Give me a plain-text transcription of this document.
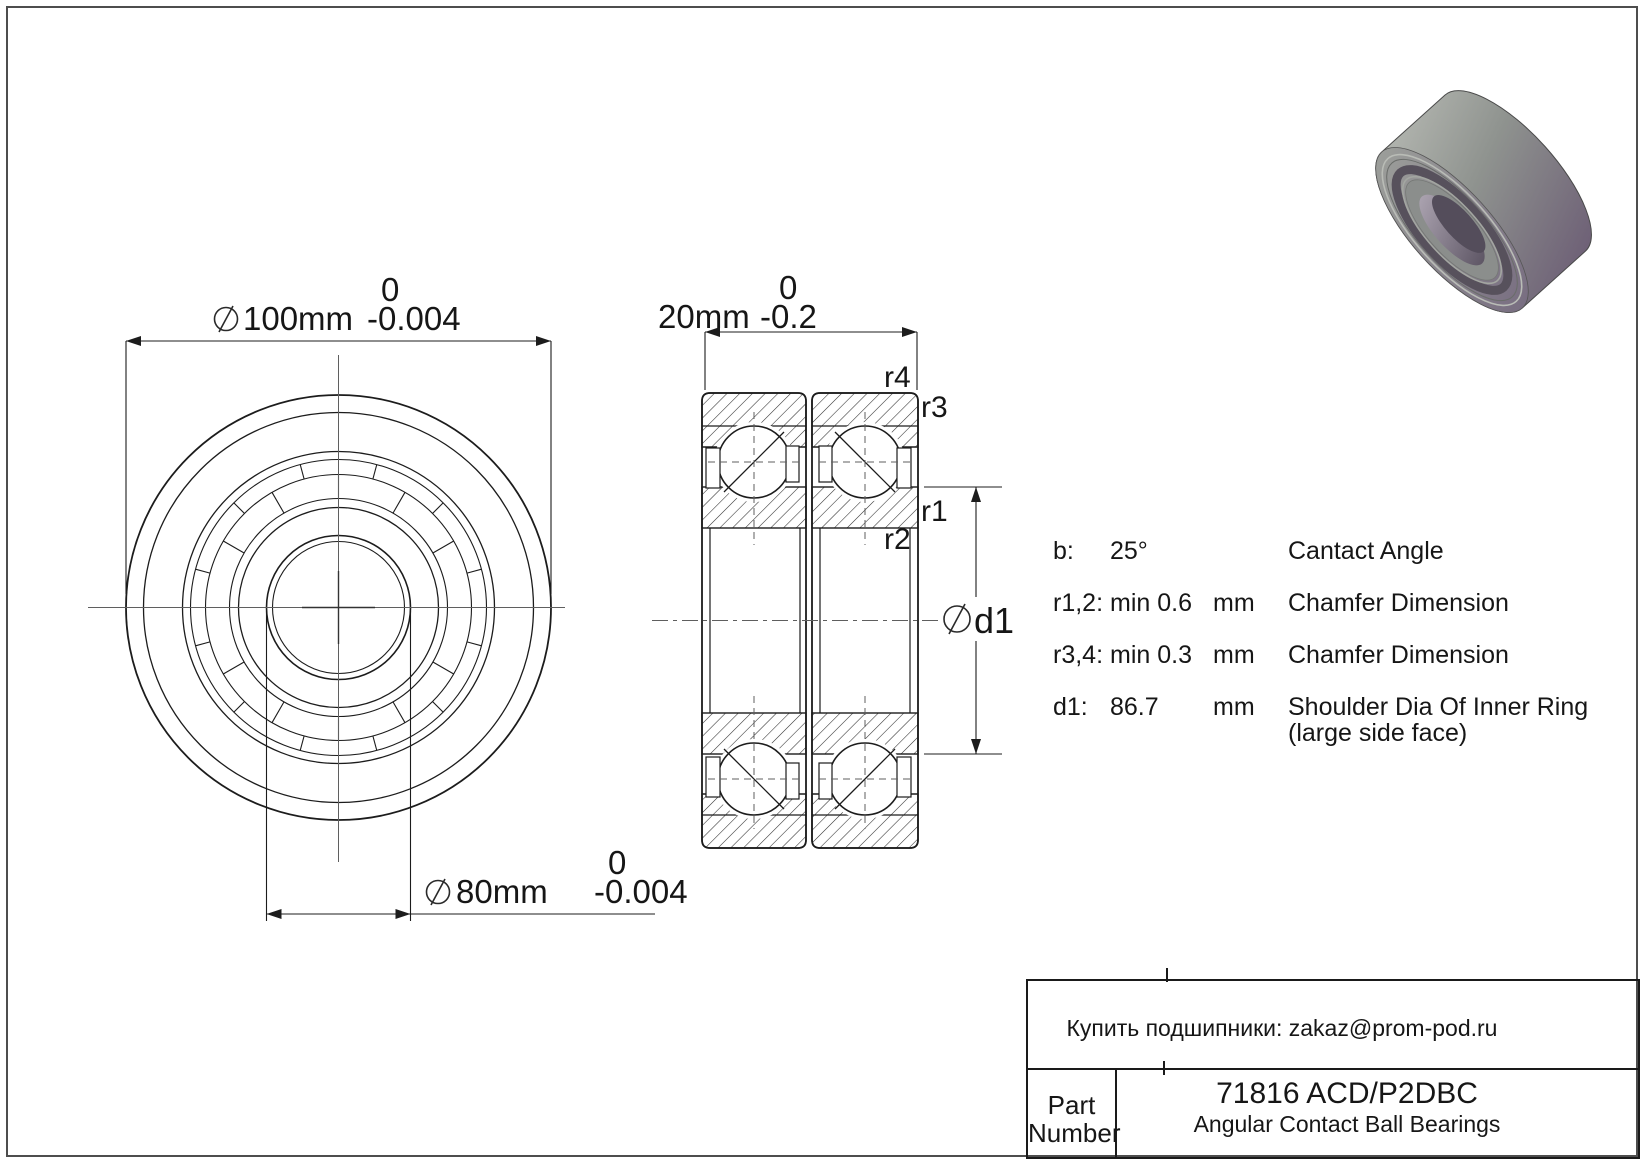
100mm -0.004
0
80mm -0.004
0
20mm -0.2
0
d1
r4
r3
r1
r2	b: 25°	Cantact Angle
r1,2: min 0.6 mm Chamfer Dimension
r3,4: min 0.3 mm Chamfer Dimension
d1: 86.7 mm Shoulder Dia Of Inner Ring
(large side face)
Купить подшипники: zakaz@prom-pod.ru
Part
Number
71816 ACD/P2DBC
Angular Contact Ball Bearings
